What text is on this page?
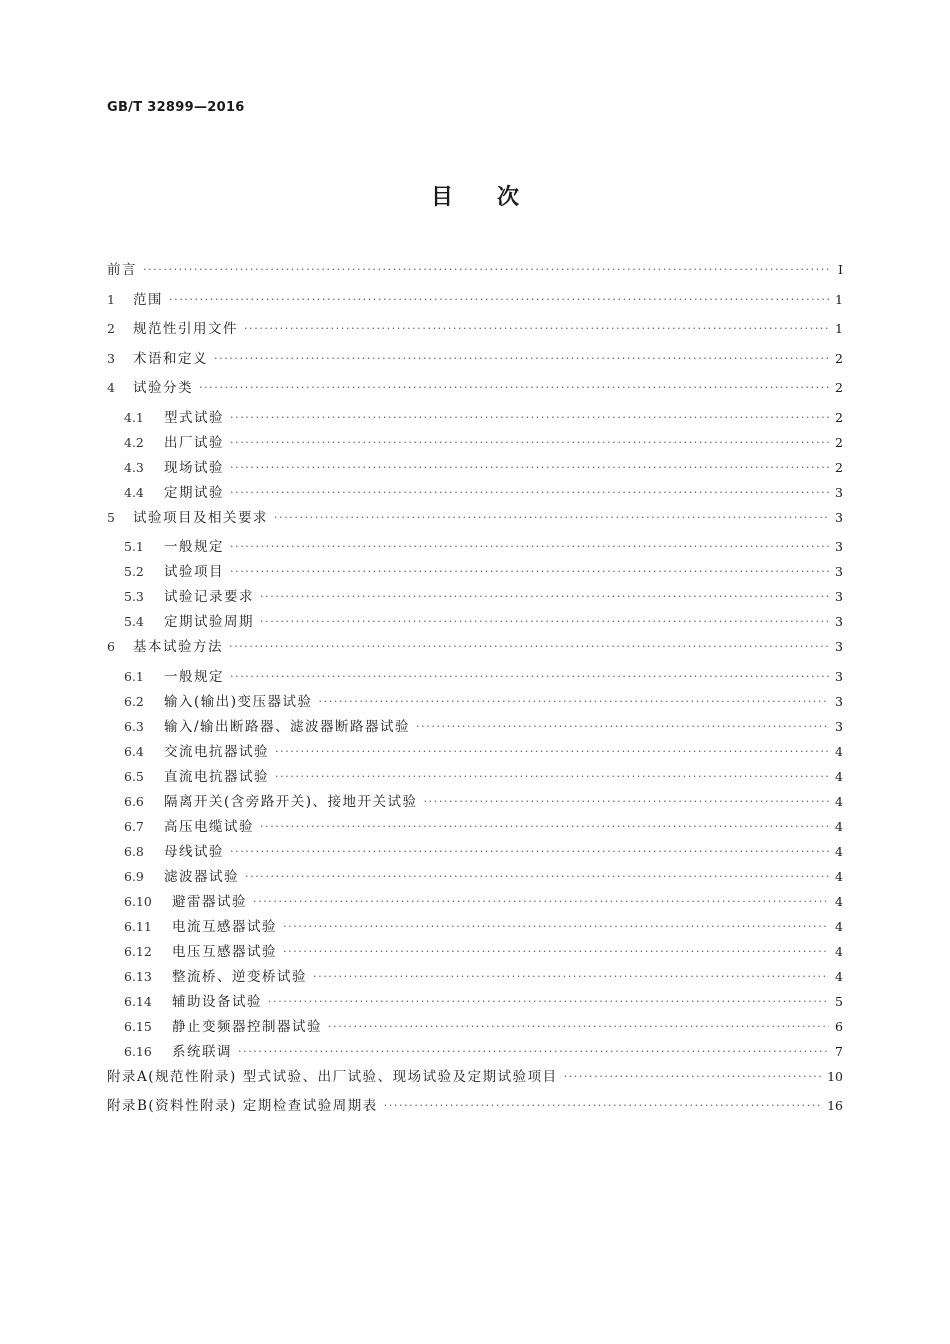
GB/T 32899—2016
目次
前言 ·····	Ⅰ
1	范围 ·····	1
2	规范性引用文件 ·····	1
3	术语和定义 ·····	2
4	试验分类 ·····	2
4.1	型式试验 ·····	2
4.2	出厂试验 ·····	2
4.3	现场试验 ·····	2
4.4	定期试验 ·····	3
5	试验项目及相关要求 ·····	3
5.1	一般规定 ·····	3
5.2	试验项目 ·····	3
5.3	试验记录要求 ·····	3
5.4	定期试验周期 ·····	3
6	基本试验方法 ·····	3
6.1	一般规定 ·····	3
6.2	输入(输出)变压器试验 ·····	3
6.3	输入/输出断路器、滤波器断路器试验 ·····	3
6.4	交流电抗器试验 ·····	4
6.5	直流电抗器试验 ·····	4
6.6	隔离开关(含旁路开关)、接地开关试验 ·····	4
6.7	高压电缆试验 ·····	4
6.8	母线试验 ·····	4
6.9	滤波器试验 ·····	4
6.10	避雷器试验 ·····	4
6.11	电流互感器试验 ·····	4
6.12	电压互感器试验 ·····	4
6.13	整流桥、逆变桥试验 ·····	4
6.14	辅助设备试验 ·····	5
6.15	静止变频器控制器试验 ·····	6
6.16	系统联调 ·····	7
附录A(规范性附录) 型式试验、出厂试验、现场试验及定期试验项目 ·····	10
附录B(资料性附录) 定期检查试验周期表 ·····	16
